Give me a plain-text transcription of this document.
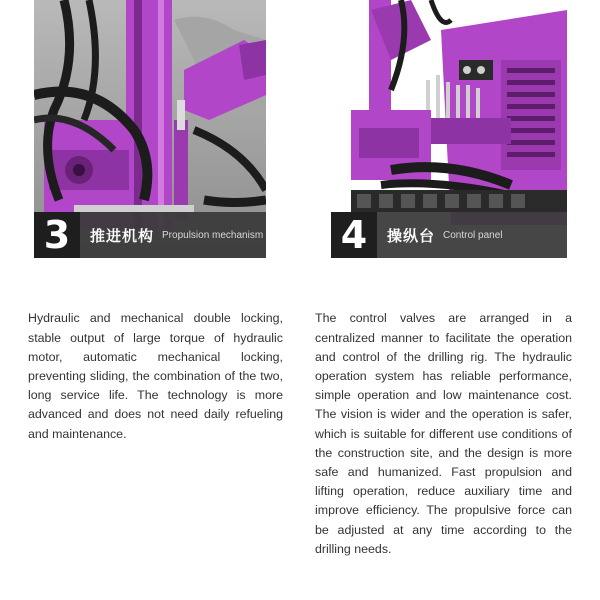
3	推进机构 Propulsion mechanism 4	操纵台 Control panel

Hydraulic and mechanical double locking, stable output of large torque of hydraulic motor, automatic mechanical locking, preventing sliding, the combination of the two, long service life. The technology is more advanced and does not need daily refueling and maintenance.

The control valves are arranged in a centralized manner to facilitate the operation and control of the drilling rig. The hydraulic operation system has reliable performance, simple operation and low maintenance cost. The vision is wider and the operation is safer, which is suitable for different use conditions of the construction site, and the design is more safe and humanized. Fast propulsion and lifting operation, reduce auxiliary time and improve efficiency. The propulsive force can be adjusted at any time according to the drilling needs.
